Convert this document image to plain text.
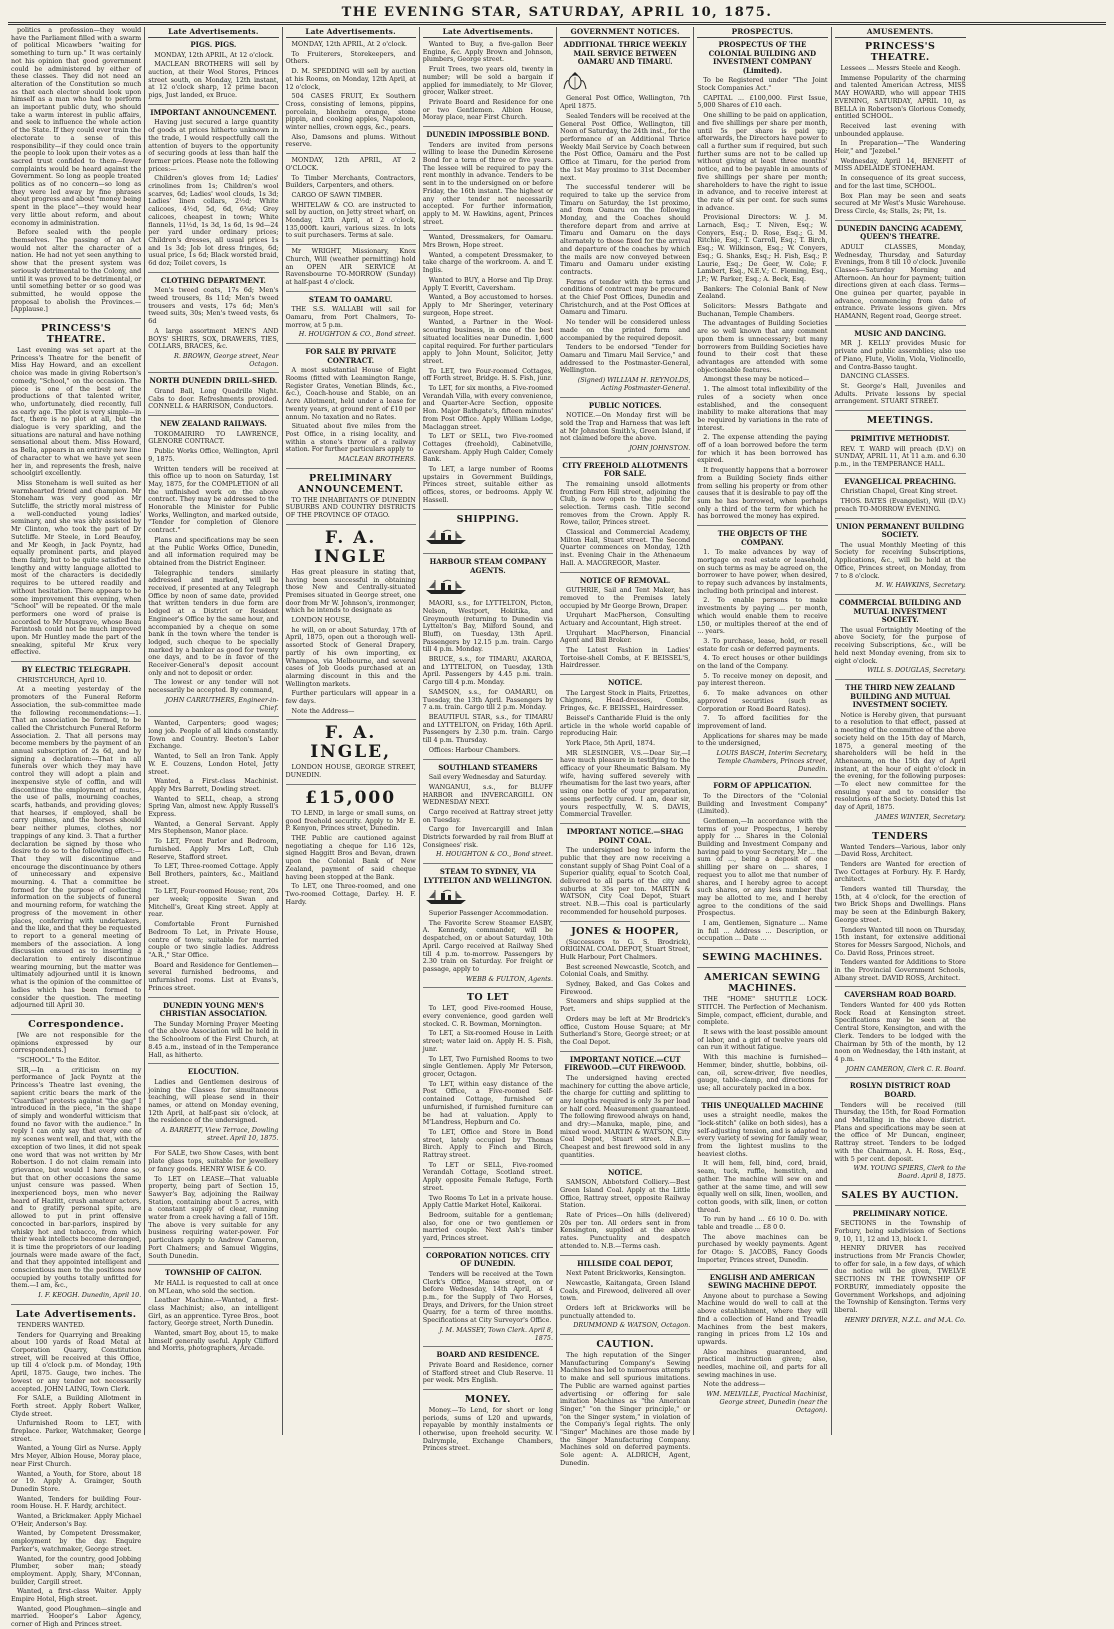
THE EVENING STAR, SATURDAY, APRIL 10, 1875.
politics a profession—they would have the Parliament filled with a swarm of political Micawbers "waiting for something to turn up." It was certainly not his opinion that good government could be administered by either of these classes. They did not need an alteration of the Constitution so much as that each elector should look upon himself as a man who had to perform an important public duty, who should take a warm interest in public affairs, and seek to influence the whole action of the State. If they could ever train the electorate to a sense of this responsibility—if they could once train the people to look upon their votes as a sacred trust confided to them—fewer complaints would be heard against the Government. So long as people treated politics as of no concern—so long as they were led away by fine phrases about progress and about "money being spent in the place"—they would hear very little about reform, and about economy in administration.
Before sealed with the people themselves. The passing of an Act would not alter the character of a nation. He had not yet seen anything to show that the present system was seriously detrimental to the Colony, and until it was proved to be detrimental, or until something better or so good was submitted, he would oppose the proposal to abolish the Provinces.—[Applause.]
PRINCESS'S THEATRE.
Last evening was set apart at the Princess's Theatre for the benefit of Miss Hay Howard, and an excellent choice was made in giving Robertson's comedy, "School," on the occasion. The piece is one of the best of the productions of that talented writer, who, unfortunately, died recently, full as early age. The plot is very simple—in fact, there is no plot at all, but the dialogue is very sparkling, and the situations are natural and have nothing sensational about them. Miss Howard, as Bella, appears in an entirely new line of character to what we have yet seen her in, and represents the fresh, naive schoolgirl excellently.
Miss Stoneham is well suited as her warmhearted friend and champion. Mr Stoneham was very good as Mr Sutcliffe, the strictly moral mistress of a well-conducted young ladies' seminary, and she was ably assisted by Mr Clinton, who took the part of Dr Sutcliffe. Mr Steele, in Lord Beaufoy, and Mr Keogh, in Jack Poyntz, had equally prominent parts, and played them fairly, but to be quite satisfied the lengthy and witty language allotted to most of the characters is decidedly requires to be uttered readily and without hesitation. There appears to be some improvement this evening, when "School" will be repeated. Of the male performers one word of praise is accorded to Mr Musgrave, whose Beau Farintosh could not be much improved upon. Mr Huntley made the part of the sneaking, spiteful Mr Krux very effective.
BY ELECTRIC TELEGRAPH.
CHRISTCHURCH, April 10.
At a meeting yesterday of the promoters of the Funeral Reform Association, the sub-committee made the following recommendations:—1. That an association be formed, to be called the Christchurch Funeral Reform Association. 2. That all persons may become members by the payment of an annual subscription of 2s 6d, and by signing a declaration:—That in all funerals over which they may have control they will adopt a plain and inexpensive style of coffin, and will discontinue the employment of mutes, the use of palls, mourning coaches, scarfs, hatbands, and providing gloves; that hearses, if employed, shall be carry plumes, and the horses should bear neither plumes, clothes, nor trappings of any kind. 3. That a further declaration be signed by those who desire to do so to the following effect:—That they will discontinue and encourage the discontinuance by others of unnecessary and expensive mourning. 4. That a committee be formed for the purpose of collecting information on the subjects of funeral and mourning reform, for watching the progress of the movement in other places, conferring with undertakers, and the like, and that they be requested to report to a general meeting of members of the association. A long discussion ensued as to inserting a declaration to entirely discontinue wearing mourning, but the matter was ultimately adjourned until it is known what is the opinion of the committee of ladies which has been formed to consider the question. The meeting adjourned till April 30.
Correspondence.
[We are not responsible for the opinions expressed by our correspondents.]
"SCHOOL." To the Editor.
SIR,—In a criticism on my performance of Jack Poyntz at the Princess's Theatre last evening, the sapient critic bears the mark of the "Guardian" protests against "the gag" I introduced in the piece, "in the shape of simply and wonderful witticism that found no favor with the audience." In reply I can only say that every one of my scenes went well, and that, with the exception of two lines, it did not speak one word that was not written by Mr Robertson. I do not claim remain into grievance, but would I have done so, but that on other occasions the same unjust censure was passed. When inexperienced boys, men who never heard of Hazlitt, crush amateur actors, and to gratify personal spite, are allowed to put in print offensive concocted in bar-parlors, inspired by whisky hot and tobacco, from which their weak intellects become deranged, it is time the proprietors of our leading journals were made aware of the fact, and that they appointed intelligent and conscientious men to the positions now occupied by youths totally unfitted for them.—I am, &c.,
I. F. KEOGH. Dunedin, April 10.
Late Advertisements.
TENDERS WANTED.
Tenders for Quarrying and Breaking about 100 yards of Road Metal at Corporation Quarry, Constitution street, will be received at this Office, up till 4 o'clock p.m. of Monday, 19th April, 1875. Gauge, two inches. The lowest or any tender not necessarily accepted. JOHN LAING, Town Clerk.
For SALE, a Building Allotment in Forth street. Apply Robert Walker, Clyde street.
Unfurnished Room to LET, with fireplace. Parker, Watchmaker, George street.
Wanted, a Young Girl as Nurse. Apply Mrs Meyer, Albion House, Moray place, near First Church.
Wanted, a Youth, for Store, about 18 or 19. Apply A. Grainger, South Dunedin Store.
Wanted, Tenders for building Four-room House. H. F. Hardy, architect.
Wanted, a Brickmaker. Apply Michael O'Heir, Anderson's Bay.
Wanted, by Competent Dressmaker, employment by the day. Enquire Parker's, watchmaker, George street.
Wanted, for the country, good Jobbing Plumber, sober man; steady employment. Apply, Shary, M'Connan, builder, Cargill street.
Wanted, a first-class Waiter. Apply Empire Hotel, High street.
Wanted, good Ploughmen—single and married. Hooper's Labor Agency, corner of High and Princes street.
Late Advertisements.
PIGS. PIGS.
MONDAY, 12th APRIL, At 12 o'clock.
MACLEAN BROTHERS will sell by auction, at their Wool Stores, Princes street south, on Monday, 12th instant, at 12 o'clock sharp, 12 prime bacon pigs, Just landed, ex Bruce.
IMPORTANT ANNOUNCEMENT.
Having just secured a large quantity of goods at prices hitherto unknown in the trade, I would respectfully call the attention of buyers to the opportunity of securing goods at less than half the former prices. Please note the following prices:—
Children's gloves from 1d; Ladies' crinolines from 1s; Children's wool scarves, 6d; Ladies' wool clouds, 1s 3d; Ladies' linen collars, 2½d; White calicoes, 4½d, 5d, 6d, 6¾d; Grey calicoes, cheapest in town; White flannels, 11½d, 1s 3d, 1s 6d, 1s 9d—24 per yard under ordinary prices; Children's dresses, all usual prices 1s and 1s 3d; Job lot dress fringes, 6d; usual price, 1s 6d; Black worsted braid, 6d doz; Toilet covers, 1s
CLOTHING DEPARTMENT.
Men's tweed coats, 17s 6d; Men's tweed trousers, 8s 11d; Men's tweed trousers and vests, 17s 6d; Men's tweed suits, 30s; Men's tweed vests, 6s 6d
A large assortment MEN'S AND BOYS' SHIRTS, SOX, DRAWERS, TIES, COLLARS, BRACES, &c.
R. BROWN, George street, Near Octagon.
NORTH DUNEDIN DRILL-SHED.
Grand Ball, Long Quadrille Night. Cabs to door. Refreshments provided. CONNELL & HARRISON, Conductors.
NEW ZEALAND RAILWAYS.
TOKOMAIRIRO TO LAWRENCE, GLENORE CONTRACT.
Public Works Office, Wellington, April 9, 1875.
Written tenders will be received at this office up to noon on Saturday, 1st May, 1875, for the COMPLETION of all the unfinished work on the above contract. They may be addressed to the Honorable the Minister for Public Works, Wellington, and marked outside, "Tender for completion of Glenore contract."
Plans and specifications may be seen at the Public Works Office, Dunedin, and all information required may be obtained from the District Engineer.
Telegraphic tenders similarly addressed and marked, will be received, if presented at any Telegraph Office by noon of same date, provided that written tenders in due form are lodged at a District or Resident Engineer's Office by the same hour, and accompanied by a cheque on some bank in the town where the tender is lodged, such cheque to be specially marked by a banker as good for twenty one days, and to be in favor of the Receiver-General's deposit account only and not to deposit or order.
The lowest or any tender will not necessarily be accepted. By command,
JOHN CARRUTHERS, Engineer-in-Chief.
Wanted, Carpenters; good wages; long job. People of all kinds constantly. Town and Country. Beeton's Labor Exchange.
Wanted, to Sell an Iron Tank. Apply W. E. Couzens, London Hotel, Jetty street.
Wanted, a First-class Machinist. Apply Mrs Barrett, Dowling street.
Wanted to SELL, cheap, a strong Spring Van, almost new. Apply Russell's Express.
Wanted, a General Servant. Apply Mrs Stephenson, Manor place.
To LET, Front Parlor and Bedroom, furnished. Apply Mrs Loft, Club Reserve, Stafford street.
To LET, Three-roomed Cottage. Apply Bell Brothers, painters, &c., Maitland street.
To LET, Four-roomed House; rent, 20s per week; opposite Swan and Mitchell's, Great King street. Apply at rear.
Comfortable Front Furnished Bedroom To Let, in Private House, centre of town; suitable for married couple or two single ladies. Address "A.R.," Star Office.
Board and Residence for Gentlemen—several furnished bedrooms, and unfurnished rooms. List at Evans's, Princes street.
DUNEDIN YOUNG MEN'S CHRISTIAN ASSOCIATION.
The Sunday Morning Prayer Meeting of the above Association will be held in the Schoolroom of the First Church, at 8.45 a.m., instead of in the Temperance Hall, as hitherto.
ELOCUTION.
Ladies and Gentlemen desirous of joining the Classes for simultaneous teaching, will please send in their names, or attend on Monday evening, 12th April, at half-past six o'clock, at the residence of the undersigned.
A. BARRETT, View Terrace, Dowling street. April 10, 1875.
For SALE, two Show Cases, with bent plate glass tops, suitable for jewellery or fancy goods. HENRY WISE & CO.
To LET on LEASE—That valuable property, being part of Section 15, Sawyer's Bay, adjoining the Railway Station, containing about 5 acres, with a constant supply of clear, running water from a creek having a fall of 15ft. The above is very suitable for any business requiring water-power. For particulars apply to Andrew Cameron, Port Chalmers; and Samuel Wiggins, South Dunedin.
TOWNSHIP OF CALTON.
Mr HALL is requested to call at once on M'Lean, who sold the section.
Leather Machine.—Wanted, a first-class Machinist; also, an intelligent Girl, as an apprentice. Tyree Bros., boot factory, George street, North Dunedin.
Wanted, smart Boy, about 15, to make himself generally useful. Apply Clifford and Morris, photographers, Arcade.
Late Advertisements.
MONDAY, 12th APRIL, At 2 o'clock.
To Fruiterers, Storekeepers, and Others.
D. M. SPEDDING will sell by auction at his Rooms, on Monday, 12th April, at 12 o'clock,
504 CASES FRUIT, Ex Southern Cross, consisting of lemons, pippins, porcelain, blenheim orange, stone pippin, and cooking apples, Napoleon, winter nellies, crown eggs, &c., pears.
Also, Damsons and plums. Without reserve.
MONDAY, 12th APRIL, AT 2 O'CLOCK.
To Timber Merchants, Contractors, Builders, Carpenters, and others.
CARGO OF SAWN TIMBER.
WHITELAW & CO. are instructed to sell by auction, on Jetty street wharf, on Monday, 12th April, at 2 o'clock, 135,000ft. kauri, various sizes. In lots to suit purchasers. Terms at sale.
Mr WRIGHT, Missionary, Knox Church, Will (weather permitting) hold an OPEN AIR SERVICE At Ravensbourne TO-MORROW (Sunday) at half-past 4 o'clock.
STEAM TO OAMARU.
THE S.S. WALLABI will sail for Oamaru, from Port Chalmers, To-morrow, at 5 p.m.
H. HOUGHTON & CO., Bond street.
FOR SALE BY PRIVATE CONTRACT.
A most substantial House of Eight Rooms (fitted with Leamington Range, Register Grates, Venetian Blinds, &c., &c.), Coach-house and Stable, on an Acre Allotment, held under a lease for twenty years, at ground rent of £10 per annum. No taxation and no Rates.
Situated about five miles from the Post Office, in a rising locality, and within a stone's throw of a railway station. For further particulars apply to
MACLEAN BROTHERS.
PRELIMINARY ANNOUNCEMENT.
TO THE INHABITANTS OF DUNEDIN SUBURBS AND COUNTRY DISTRICTS OF THE PROVINCE OF OTAGO.
F. A. INGLE
Has great pleasure in stating that, having been successful in obtaining those New and Centrally-situated Premises situated in George street, one door from Mr W. Johnson's, ironmonger, which he intends to designate as
LONDON HOUSE,
he will, on or about Saturday, 17th of April, 1875, open out a thorough well-assorted Stock of General Drapery, partly of his own importing, ex Whampoa, via Melbourne, and several cases of Job Goods purchased at an alarming discount in this and the Wellington markets.
Further particulars will appear in a few days.
Note the Address—
F. A. INGLE,
LONDON HOUSE, GEORGE STREET, DUNEDIN.
£15,000
TO LEND, in large or small sums, on good freehold security. Apply to Mr E. P. Kenyon, Princes street, Dunedin.
THE Public are cautioned against negotiating a cheque for L16 12s, signed Haggitt Bros and Bevan, drawn upon the Colonial Bank of New Zealand, payment of said cheque having been stopped at the Bank.
To LET, one Three-roomed, and one Two-roomed Cottage, Darley. H. F. Hardy.
Late Advertisements.
Wanted to Buy, a five-gallon Beer Engine, &c. Apply Brown and Johnson, plumbers, George street.
Fruit Trees, two years old, twenty in number; will be sold a bargain if applied for immediately, to Mr Glover, grocer, Walker street.
Private Board and Residence for one or two Gentlemen. Albion House, Moray place, near First Church.
DUNEDIN IMPOSSIBLE BOND.
Tenders are invited from persons willing to lease the Dunedin Kerosene Bond for a term of three or five years. The lessee will be required to pay the rent monthly in advance. Tenders to be sent in to the undersigned on or before Friday, the 16th instant. The highest or any other tender not necessarily accepted. For further information, apply to M. W. Hawkins, agent, Princes street.
Wanted, Dressmakers, for Oamaru. Mrs Brown, Hope street.
Wanted, a competent Dressmaker, to take charge of the workroom. A. and T. Inglis.
Wanted to BUY, a Horse and Tip Dray. Apply T. Everitt, Caversham.
Wanted, a Boy accustomed to horses. Apply to Mr Sheringer, veterinary surgeon, Hope street.
Wanted, a Partner in the Wool-scouring business, in one of the best situated localities near Dunedin. 1,600 capital required. For further particulars apply to John Mount, Solicitor, Jetty street.
To LET, two Four-roomed Cottages, off Forth street, Bridge. H. S. Fish, junr.
To LET, for six months, a Five-roomed Verandah Villa, with every convenience, and Quarter-Acre Section, opposite Hon. Major Bathgate's, fifteen minutes' from Post Office. Apply William Lodge, Maclaggan street.
To LET or SELL, two Five-roomed Cottages (freehold), Cabinetville, Caversham. Apply Hugh Calder, Comely Bank.
To LET, a large number of Rooms upstairs in Government Buildings, Princes street, suitable either as offices, stores, or bedrooms. Apply W. Hassell.
SHIPPING.
HARBOUR STEAM COMPANY AGENTS.
MAORI, s.s., for LYTTELTON, Picton, Nelson, Westport, Hokitika, and Greymouth (returning to Dunedin via Lyttelton's Bay, Milford Sound, and Bluff), on Tuesday, 13th April. Passengers by 12.15 p.m. train. Cargo till 4 p.m. Monday.
BRUCE, s.s., for TIMARU, AKAROA, and LYTTELTON, on Tuesday, 13th April. Passengers by 4.45 p.m. train. Cargo till 4 p.m. Monday.
SAMSON, s.s., for OAMARU, on Tuesday, the 13th April. Passengers by 7 a.m. train. Cargo till 2 p.m. Monday.
BEAUTIFUL STAR, s.s., for TIMARU and LYTTELTON, on Friday, 16th April. Passengers by 2.30 p.m. train. Cargo till 4 p.m. Thursday.
Offices: Harbour Chambers.
SOUTHLAND STEAMERS
Sail every Wednesday and Saturday.
WANGANUI, s.s., for BLUFF HARBOR and INVERCARGILL ON WEDNESDAY NEXT.
Cargo received at Rattray street jetty on Tuesday.
Cargo for Invercargill and Inlan Districts forwarded by rail from Bluff at Consignees' risk.
H. HOUGHTON & CO., Bond street.
STEAM TO SYDNEY, VIA LYTTELTON AND WELLINGTON.
Superior Passenger Accommodation.
The Favorite Screw Steamer EASBY, A. Kennedy, commander, will be despatched, on or about Saturday, 10th April. Cargo received at Railway Shed till 4 p.m. to-morrow. Passengers by 2.30 train on Saturday. For freight or passage, apply to
WEBB & FULTON, Agents.
TO LET
To LET, good Five-roomed House, every convenience, good garden well stocked. C. R. Bowman, Mornington.
To LET, a Six-roomed House in Leith street; water laid on. Apply H. S. Fish, junr.
To LET, Two Furnished Rooms to two single Gentlemen. Apply Mr Peterson, grocer, Octagon.
To LET, within easy distance of the Post Office, a Five-roomed Self-contained Cottage, furnished or unfurnished, if furnished furniture can be had at valuation. Apply to M'Landress, Hepburn and Co.
To LET, Office and Store in Bond street, lately occupied by Thomas Birch. Apply to Finch and Birch, Rattray street.
To LET or SELL, Five-roomed Verandah Cottage, Scotland street. Apply opposite Female Refuge, Forth street.
Two Rooms To Let in a private house. Apply Cattle Market Hotel, Kaikorai.
Bedroom, suitable for a gentleman; also, for one or two gentlemen or married couple. Next Ash's timber yard, Princes street.
CORPORATION NOTICES. CITY OF DUNEDIN.
Tenders will be received at the Town Clerk's Office, Manse street, on or before Wednesday, 14th April, at 4 p.m., for the Supply of Two Horses, Drays, and Drivers, for the Union street Quarry, for a term of three months. Specifications at City Surveyor's Office.
J. M. MASSEY, Town Clerk. April 8, 1875.
BOARD AND RESIDENCE.
Private Board and Residence, corner of Stafford street and Club Reserve. 1l per week. Mrs English.
MONEY.
Money.—To Lend, for short or long periods, sums of L20 and upwards, repayable by monthly instalments or otherwise, upon freehold security. W. Dalrymple, Exchange Chambers, Princes street.
GOVERNMENT NOTICES.
ADDITIONAL THRICE WEEKLY MAIL SERVICE BETWEEN OAMARU AND TIMARU.
General Post Office, Wellington, 7th April 1875.
Sealed Tenders will be received at the General Post Office, Wellington, till Noon of Saturday, the 24th inst., for the performance of an Additional Thrice Weekly Mail Service by Coach between the Post Office, Oamaru and the Post Office at Timaru, for the period from the 1st May proximo to 31st December next.
The successful tenderer will be required to take up the service from Timaru on Saturday, the 1st proximo, and from Oamaru on the following Monday, and the Coaches should therefore depart from and arrive at Timaru and Oamaru on the days alternately to those fixed for the arrival and departure of the coaches by which the mails are now conveyed between Timaru and Oamaru under existing contracts.
Forms of tender with the terms and conditions of contract may be procured at the Chief Post Offices, Dunedin and Christchurch, and at the Post Offices at Oamaru and Timaru.
No tender will be considered unless made on the printed form and accompanied by the required deposit.
Tenders to be endorsed "Tender for Oamaru and Timaru Mail Service," and addressed to the Postmaster-General, Wellington.
(Signed) WILLIAM H. REYNOLDS, Acting Postmaster-General.
PUBLIC NOTICES.
NOTICE.—On Monday first will be sold the Trap and Harness that was left at Mr Johnston Smith's, Green Island, if not claimed before the above.
JOHN JOHNSTON.
CITY FREEHOLD ALLOTMENTS FOR SALE.
The remaining unsold allotments fronting Fern Hill street, adjoining the Club, is now open to the public for selection. Terms cash. Title second removes from the Crown. Apply R. Rowe, tailor, Princes street.
Classical and Commercial Academy, Milton Hall, Stuart street. The Second Quarter commences on Monday, 12th inst. Evening Chair in the Athenaeum Hall. A. MACGREGOR, Master.
NOTICE OF REMOVAL.
GUTHRIE, Sail and Tent Maker, has removed to the Premises lately occupied by Mr George Brown, Draper.
Urquhart MacPherson, Consulting Actuary and Accountant, High street.
Urquhart MacPherson, Financial Agent and Bill Broker.
The Latest Fashion in Ladies' Tortoise-shell Combs, at F. BEISSEL'S, Hairdresser.
NOTICE.
The Largest Stock in Plaits, Frizettes, Chignons, Head-dresses, Combs, Fringes, &c. F. BEISSEL, Hairdresser.
Beissel's Cantharide Fluid is the only article in the whole world capable of reproducing Hair.
York Place, 5th April, 1874.
MR SLESINGER, V.S.—Dear Sir,—I have much pleasure in testifying to the efficacy of your Rheumatic Balsam. My wife, having suffered severely with rheumatism for the last two years, after using one bottle of your preparation, seems perfectly cured. I am, dear sir, yours respectfully, W. S. DAVIS, Commercial Traveller.
IMPORTANT NOTICE.—SHAG POINT COAL.
The undersigned beg to inform the public that they are now receiving a constant supply of Shag Point Coal of a Superior quality, equal to Scotch Coal, delivered to all parts of the city and suburbs at 35s per ton. MARTIN & WATSON, City Coal Depot, Stuart street. N.B.—This coal is particularly recommended for household purposes.
JONES & HOOPER,
(Successors to G. S. Brodrick), ORIGINAL COAL DEPOT, Stuart Street, Hulk Harbour, Port Chalmers.
Best screened Newcastle, Scotch, and Colonial Coals, and Smithy.
Sydney, Baked, and Gas Cokes and Firewood.
Steamers and ships supplied at the Port.
Orders may be left at Mr Brodrick's office, Custom House Square; at Mr Sutherland's Store, George street; or at the Coal Depot.
IMPORTANT NOTICE.—CUT FIREWOOD.—CUT FIREWOOD.
The undersigned having erected machinery for cutting the above article, the charge for cutting and splitting to any lengths required is only 3s per load or half cord. Measurement guaranteed. The following firewood always on hand, and dry:—Manuka, maple, pine, and mixed wood. MARTIN & WATSON, City Coal Depot, Stuart street. N.B.—Cheapest and best firewood sold in any quantities.
NOTICE.
SAMSON, Abbotsford Colliery.—Best Green Island Coal. Apply at the Little Office, Rattray street, opposite Railway Station.
Rate of Prices—On hills (delivered) 20s per ton. All orders sent in from Kensington, supplied at the above rates. Punctuality and despatch attended to. N.B.—Terms cash.
HILLSIDE COAL DEPOT,
Next Patent Brickworks, Kensington.
Newcastle, Kaitangata, Green Island Coals, and Firewood, delivered all over town.
Orders left at Brickworks will be punctually attended to.
DRUMMOND & WATSON, Octagon.
CAUTION.
The high reputation of the Singer Manufacturing Company's Sewing Machines has led to numerous attempts to make and sell spurious imitations. The Public are warned against parties advertising or offering for sale imitation Machines as "the American Singer," "on the Singer principle," or "on the Singer system," in violation of the Company's legal rights. The only "Singer" Machines are those made by the Singer Manufacturing Company. Machines sold on deferred payments. Sole agent: A. ALDRICH, Agent, Dunedin.
PROSPECTUS.
PROSPECTUS OF THE COLONIAL BUILDING AND INVESTMENT COMPANY (Limited).
To be Registered under "The Joint Stock Companies Act."
CAPITAL ... £100,000. First Issue, 5,000 Shares of £10 each.
One shilling to be paid on application, and five shillings per share per month, until 5s per share is paid up; afterwards, the Directors have power to call a further sum if required, but such further sums are not to be called up without giving at least three months' notice, and to be payable in amounts of five shillings per share per month; shareholders to have the right to issue in advance, and to receive interest at the rate of six per cent. for such sums in advance.
Provisional Directors: W. J. M. Larnach, Esq.; T. Niven, Esq.; W. Conyers, Esq.; D. Rose, Esq.; G. M. Ritchie, Esq.; T. Carroll, Esq.; T. Birch, Esq.; W. Wilkinson, Esq.; W. Conyers, Esq.; G. Shanks, Esq.; H. Fish, Esq.; P. Laurie, Esq.; De Geer, W. Cole; F. Lambert, Esq., N.E.V.; C. Fleming, Esq., J.P.; W. Parker, Esq.; A. Beck, Esq.
Bankers: The Colonial Bank of New Zealand.
Solicitors: Messrs Bathgate and Buchanan, Temple Chambers.
The advantages of Building Societies are so well known that any comment upon them is unnecessary; but many borrowers from Building Societies have found to their cost that these advantages are attended with some objectionable features.
Amongst these may be noticed—
1. The almost total inflexibility of the rules of a society when once established, and the consequent inability to make alterations that may be required by variations in the rate of interest.
2. The expense attending the paying off of a loan borrowed before the term for which it has been borrowed has expired.
It frequently happens that a borrower from a Building Society finds either from selling his property or from other causes that it is desirable to pay off the sum he has borrowed, when perhaps only a third of the term for which he has borrowed the money has expired.
THE OBJECTS OF THE COMPANY.
1. To make advances by way of mortgage on real estate or leasehold, on such terms as may be agreed on, the borrower to have power, when desired, to repay such advances by instalments, including both principal and interest.
2. To enable persons to make investments by paying ... per month, which would enable them to receive L50, or multiples thereof at the end of ... years.
3. To purchase, lease, hold, or resell estate for cash or deferred payments.
4. To erect houses or other buildings on the land of the Company.
5. To receive money on deposit, and pay interest thereon.
6. To make advances on other approved securities (such as Corporation or Road Board Rates).
7. To afford facilities for the improvement of land.
Applications for shares may be made to the undersigned,
LOUIS BASCH, Interim Secretary, Temple Chambers, Princes street, Dunedin.
FORM OF APPLICATION.
To the Directors of the "Colonial Building and Investment Company" (Limited).
Gentlemen,—In accordance with the terms of your Prospectus, I hereby apply for ... Shares in the Colonial Building and Investment Company and having paid to your Secretary, Mr ... the sum of ..., being a deposit of one shilling per share on ... shares, I request you to allot me that number of shares, and I hereby agree to accept such shares, or any less number that may be allotted to me, and I hereby agree to the conditions of the said Prospectus.
I am, Gentlemen, Signature ... Name in full ... Address ... Description, or occupation ... Date ...
SEWING MACHINES.
AMERICAN SEWING MACHINES.
THE "HOME" SHUTTLE LOCK-STITCH. The Perfection of Mechanism. Simple, compact, efficient, durable, and complete.
It sews with the least possible amount of labor, and a girl of twelve years old can run it without fatigue.
With this machine is furnished—Hemmer, binder, shuttle, bobbins, oil-can, oil, screw-driver, five needles, gauge, table-clamp, and directions for use; all accurately packed in a box.
THIS UNEQUALLED MACHINE
uses a straight needle, makes the "lock-stitch" (alike on both sides), has a self-adjusting tension, and is adapted to every variety of sewing for family wear, from the lightest muslins to the heaviest cloths.
It will hem, fell, bind, cord, braid, seam, tuck, ruffle, hemstitch, and gather. The machine will sew on and gather at the same time, and will sew equally well on silk, linen, woollen, and cotton goods, with silk, linen, or cotton thread.
To run by hand ... £6 10 0. Do. with table and treadle ... £8 0 0.
The above machines can be purchased by weekly payments. Agent for Otago: S. JACOBS, Fancy Goods Importer, Princes street, Dunedin.
ENGLISH AND AMERICAN SEWING MACHINE DEPOT.
Anyone about to purchase a Sewing Machine would do well to call at the above establishment, where they will find a collection of Hand and Treadle Machines from the best makers, ranging in prices from L2 10s and upwards.
Also machines guaranteed, and practical instruction given; also, needles, machine oil, and parts for all sewing machines in use.
Note the address—
WM. MELVILLE, Practical Machinist, George street, Dunedin (near the Octagon).
AMUSEMENTS.
PRINCESS'S THEATRE.
Lessees ... Messrs Steele and Keogh.
Immense Popularity of the charming and talented American Actress, MISS MAY HOWARD, who will appear THIS EVENING, SATURDAY, APRIL 10, as BELLA in Robertson's Glorious Comedy, entitled SCHOOL.
Received last evening with unbounded applause.
In Preparation—"The Wandering Heir," and "Jezebel."
Wednesday, April 14, BENEFIT of MISS ADELAIDE STONEHAM.
In consequence of its great success, and for the last time, SCHOOL.
Box Plan may be seen and seats secured at Mr West's Music Warehouse. Dress Circle, 4s; Stalls, 2s; Pit, 1s.
DUNEDIN DANCING ACADEMY, QUEEN'S THEATRE.
ADULT CLASSES, Monday, Wednesday, Thursday, and Saturday Evenings, from 8 till 10 o'clock. Juvenile Classes—Saturday Morning and Afternoon. An hour for payment; tuition directions given at each class. Terms—One guinea per quarter, payable in advance, commencing from date of entrance. Private lessons given. Mrs HAMANN, Regent road, George street.
MUSIC AND DANCING.
MR J. KELLY provides Music for private and public assemblies; also use of Piano, Flute, Violin, Viola, Violincello, and Contra-Basso taught.
DANCING CLASSES.
St. George's Hall, Juveniles and Adults. Private lessons by special arrangement. STUART STREET.
MEETINGS.
PRIMITIVE METHODIST.
REV. T. WARD will preach (D.V.) on SUNDAY, APRIL 11, At 11 a.m. and 6.30 p.m., in the TEMPERANCE HALL.
EVANGELICAL PREACHING.
Christian Chapel, Great King street.
THOS. BATES (Evangelist), Will (D.V.) preach TO-MORROW EVENING.
UNION PERMANENT BUILDING SOCIETY.
The usual Monthly Meeting of this Society for receiving Subscriptions, Applications, &c., will be held at the Office, Princes street, on Monday, from 7 to 8 o'clock.
M. W. HAWKINS, Secretary.
COMMERCIAL BUILDING AND MUTUAL INVESTMENT SOCIETY.
The usual Fortnightly Meeting of the above Society, for the purpose of receiving Subscriptions, &c., will be held next Monday evening, from six to eight o'clock.
WILL S. DOUGLAS, Secretary.
THE THIRD NEW ZEALAND BUILDING AND MUTUAL INVESTMENT SOCIETY.
Notice is Hereby given, that pursuant to a resolution to that effect, passed at a meeting of the committee of the above society held on the 15th day of March, 1875, a general meeting of the shareholders will be held in the Athenaeum, on the 15th day of April instant, at the hour of eight o'clock in the evening, for the following purposes:—To elect new committee for the ensuing year and to consider the resolutions of the Society. Dated this 1st day of April, 1875.
JAMES WINTER, Secretary.
TENDERS
Wanted Tenders—Various, labor only—David Ross, Architect.
Tenders are Wanted for erection of Two Cottages at Forbury. Hy. F. Hardy, architect.
Tenders wanted till Thursday, the 15th, at 4 o'clock, for the erection of two Brick Shops and Dwellings. Plans may be seen at the Edinburgh Bakery, George street.
Tenders Wanted till noon on Thursday, 15th instant, for extensive additional Stores for Messrs Sargood, Nichols, and Co. David Ross, Princes street.
Tenders wanted for Additions to Store in the Provincial Government Schools, Albany street. DAVID ROSS, Architect.
CAVERSHAM ROAD BOARD.
Tenders Wanted for 400 yds Rotten Rock Road at Kensington street. Specifications may be seen at the Central Store, Kensington, and with the Clerk. Tenders to be lodged with the Chairman by 5th of the month, by 12 noon on Wednesday, the 14th instant, at 4 p.m.
JOHN CAMERON, Clerk C. R. Board.
ROSLYN DISTRICT ROAD BOARD.
Tenders will be received (till Thursday, the 15th, for Road Formation and Metalling in the above district. Plans and specifications may be seen at the office of Mr Duncan, engineer, Rattray street. Tenders to be lodged with the Chairman, A. H. Ross, Esq., with 5 per cent. deposit.
WM. YOUNG SPIERS, Clerk to the Board. April 8, 1875.
SALES BY AUCTION.
PRELIMINARY NOTICE.
SECTIONS in the Township of Forbury, being subdivision of Sections 9, 10, 11, 12 and 13, block I.
HENRY DRIVER has received instructions from Mr Francis Chowler, to offer for sale, in a few days, of which due notice will be given, TWELVE SECTIONS IN THE TOWNSHIP OF FORBURY, immediately opposite the Government Workshops, and adjoining the Township of Kensington. Terms very liberal.
HENRY DRIVER, N.Z.L. and M.A. Co.
